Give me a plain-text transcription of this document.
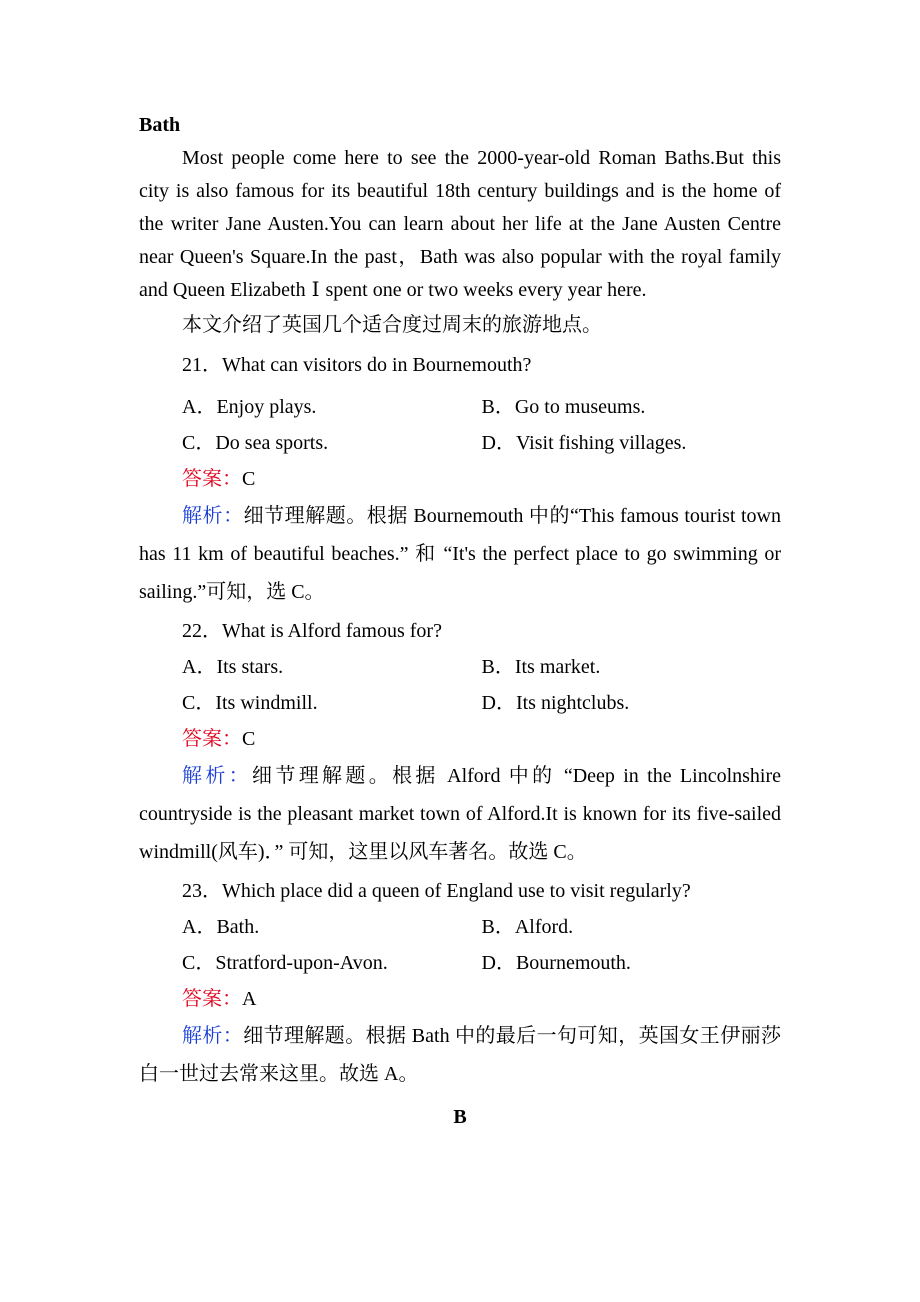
Bath
Most people come here to see the 2000-year-old Roman Baths.But this city is also famous for its beautiful 18th century buildings and is the home of the writer Jane Austen.You can learn about her life at the Jane Austen Centre near Queen's Square.In the past，Bath was also popular with the royal family and Queen Elizabeth Ⅰ spent one or two weeks every year here.
本文介绍了英国几个适合度过周末的旅游地点。
21．What can visitors do in Bournemouth?
A．Enjoy plays.	B．Go to museums.
C．Do sea sports.	D．Visit fishing villages.
答案：C
解析：细节理解题。根据 Bournemouth 中的“This famous tourist town has 11 km of beautiful beaches.” 和 “It's the perfect place to go swimming or sailing.”可知，选 C。
22．What is Alford famous for?
A．Its stars.	B．Its market.
C．Its windmill.	D．Its nightclubs.
答案：C
解析：细节理解题。根据 Alford 中的 “Deep in the Lincolnshire countryside is the pleasant market town of Alford.It is known for its five-sailed windmill(风车)．” 可知，这里以风车著名。故选 C。
23．Which place did a queen of England use to visit regularly?
A．Bath.	B．Alford.
C．Stratford-upon-Avon.	D．Bournemouth.
答案：A
解析：细节理解题。根据 Bath 中的最后一句可知，英国女王伊丽莎白一世过去常来这里。故选 A。
B
